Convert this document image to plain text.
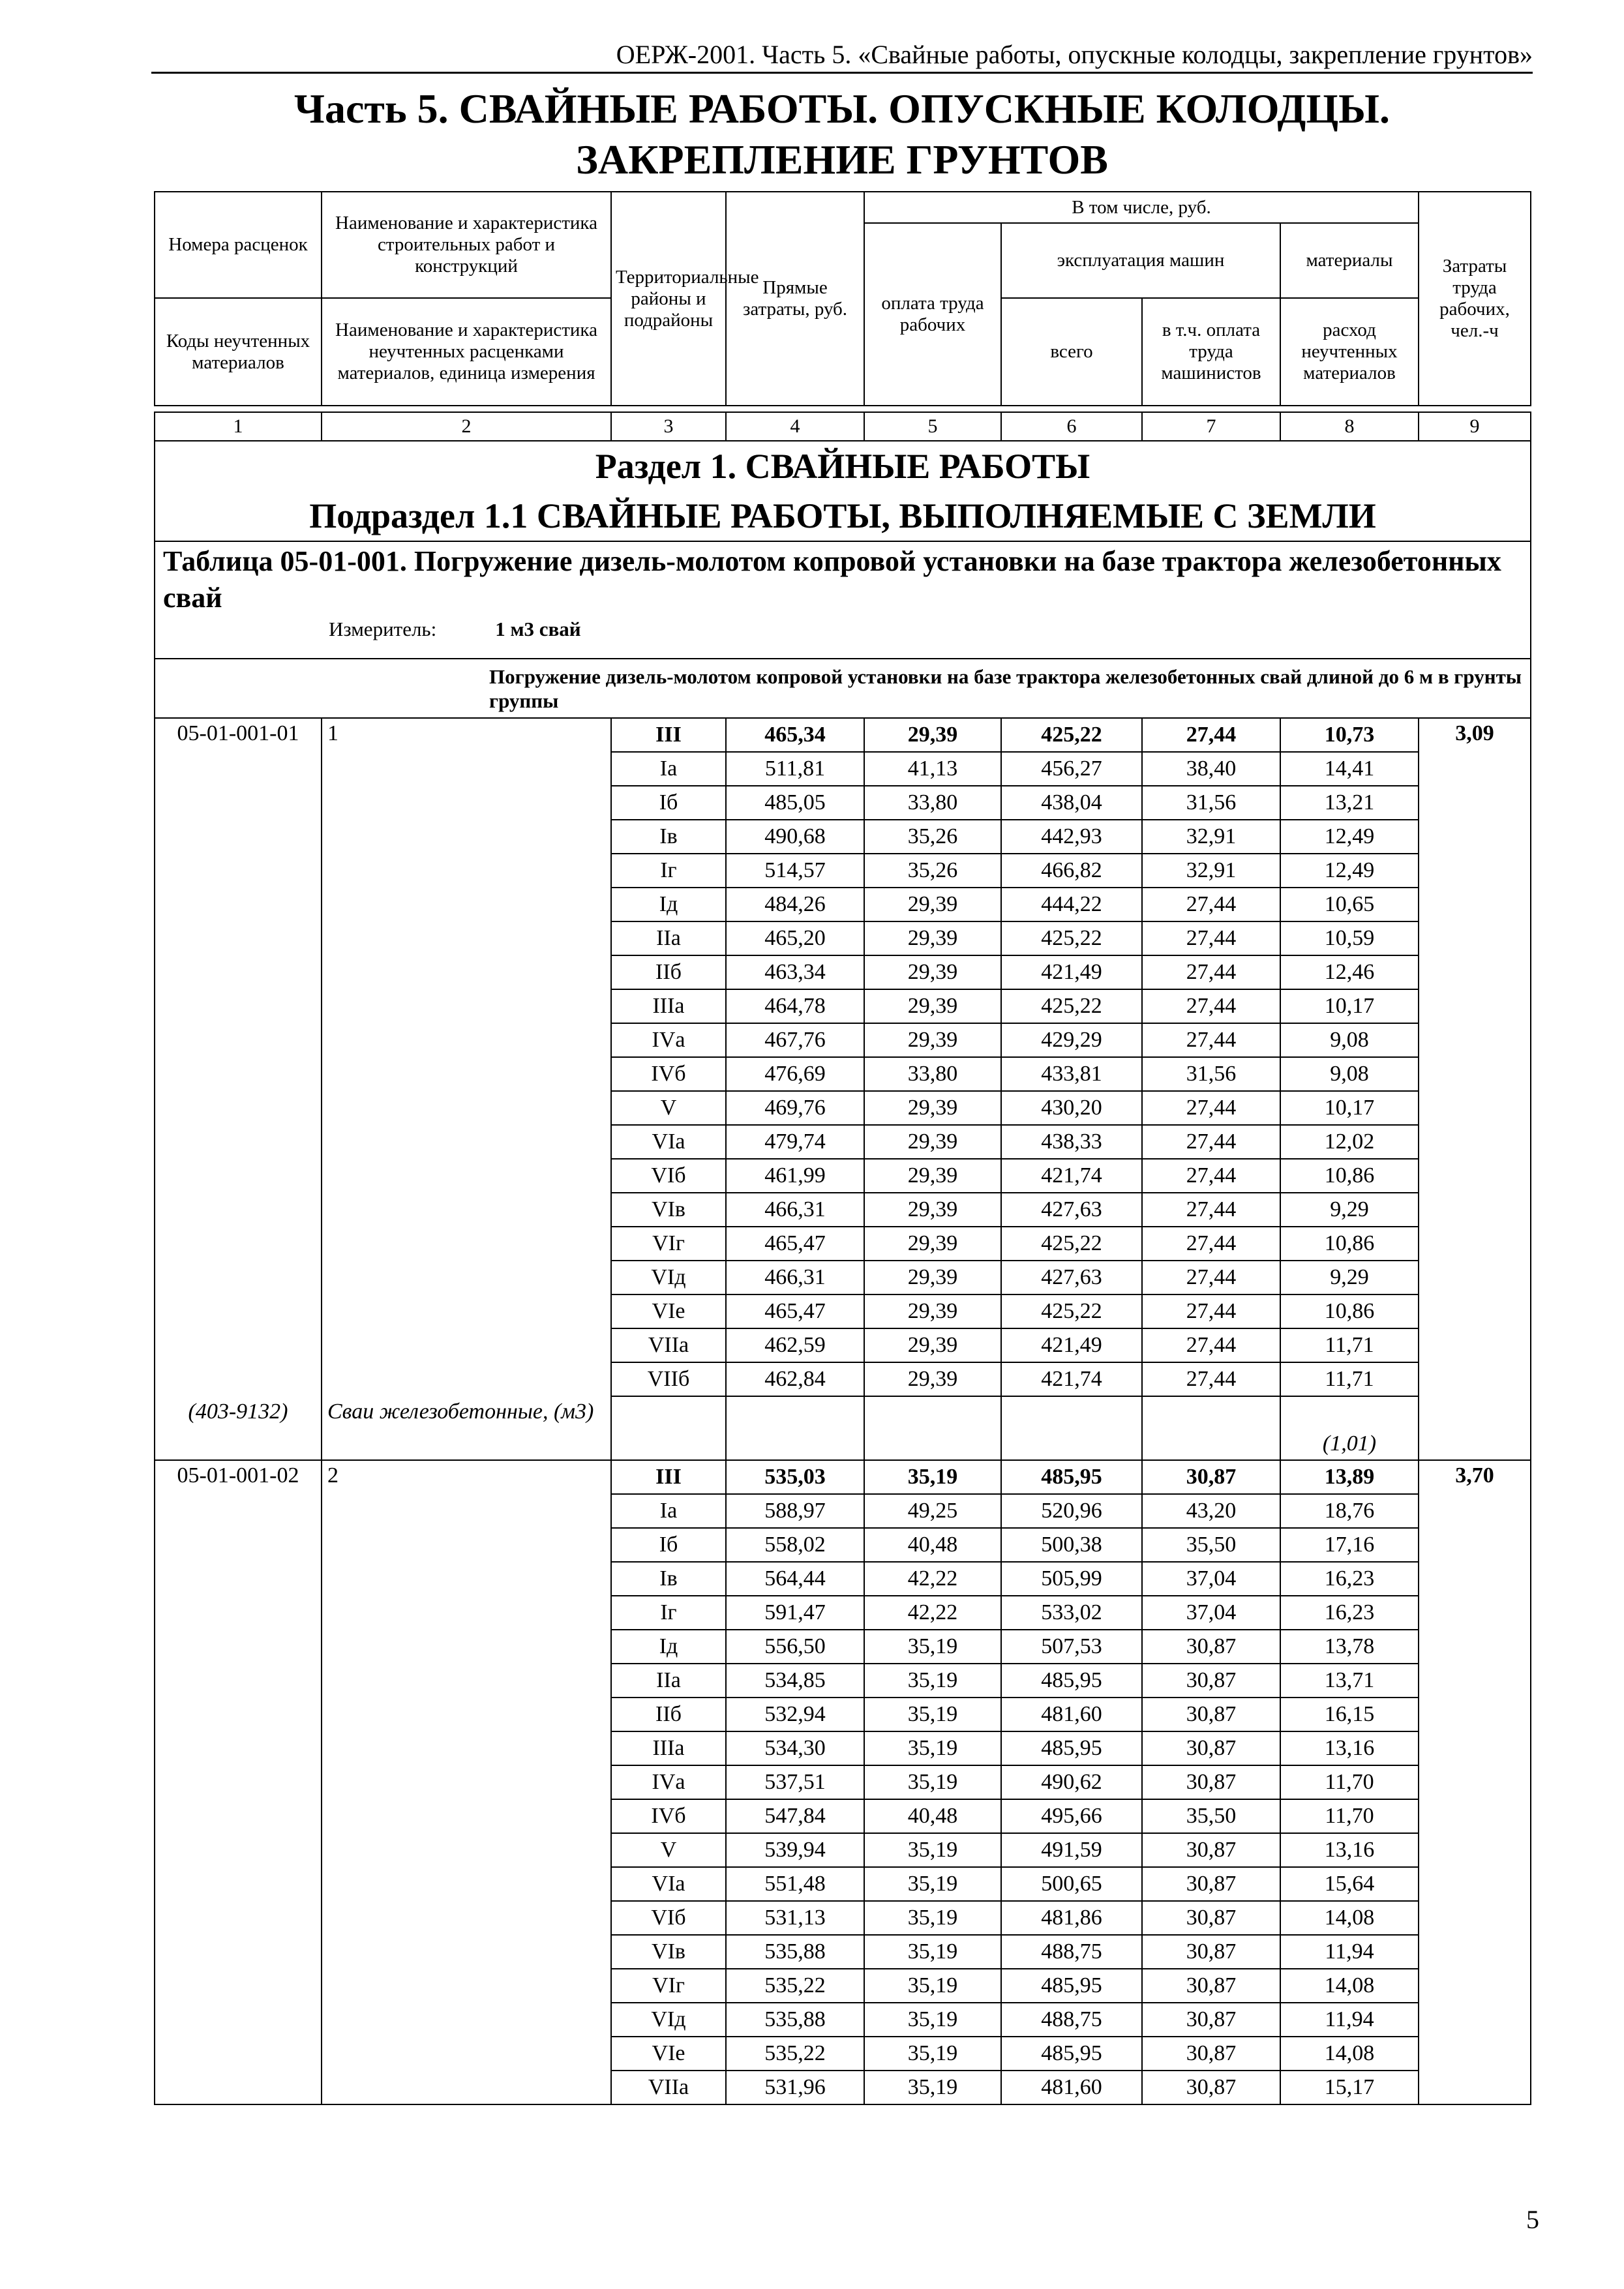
ОЕРЖ-2001. Часть 5. «Свайные работы, опускные колодцы, закрепление грунтов»
Часть 5. СВАЙНЫЕ РАБОТЫ. ОПУСКНЫЕ КОЛОДЦЫ.
ЗАКРЕПЛЕНИЕ ГРУНТОВ
Номера расценок	Наименование и характеристика строительных работ и конструкций	Территориальные районы и подрайоны	Прямые затраты, руб.	В том числе, руб.				Затраты труда рабочих, чел.-ч
				оплата труда рабочих	эксплуатация машин		материалы	
Коды неучтенных материалов	Наименование и характеристика неучтенных расценками материалов, единица измерения				всего	в т.ч. оплата труда машинистов	расход неучтенных материалов	

1	2	3	4	5	6	7	8	9

Раздел 1. СВАЙНЫЕ РАБОТЫ
Подраздел 1.1 СВАЙНЫЕ РАБОТЫ, ВЫПОЛНЯЕМЫЕ С ЗЕМЛИ								

Таблица 05-01-001. Погружение дизель-молотом копровой установки на базе трактора железобетонных свай
Измеритель: 1 м3 свай								

Погружение дизель-молотом копровой установки на базе трактора железобетонных свай длиной до 6 м в грунты группы								

05-01-001-01	1	III	465,34	29,39	425,22	27,44	10,73	3,09
		Iа	511,81	41,13	456,27	38,40	14,41	
		Iб	485,05	33,80	438,04	31,56	13,21	
		Iв	490,68	35,26	442,93	32,91	12,49	
		Iг	514,57	35,26	466,82	32,91	12,49	
		Iд	484,26	29,39	444,22	27,44	10,65	
		IIа	465,20	29,39	425,22	27,44	10,59	
		IIб	463,34	29,39	421,49	27,44	12,46	
		IIIа	464,78	29,39	425,22	27,44	10,17	
		IVа	467,76	29,39	429,29	27,44	9,08	
		IVб	476,69	33,80	433,81	31,56	9,08	
		V	469,76	29,39	430,20	27,44	10,17	
		VIа	479,74	29,39	438,33	27,44	12,02	
		VIб	461,99	29,39	421,74	27,44	10,86	
		VIв	466,31	29,39	427,63	27,44	9,29	
		VIг	465,47	29,39	425,22	27,44	10,86	
		VIд	466,31	29,39	427,63	27,44	9,29	
		VIе	465,47	29,39	425,22	27,44	10,86	
		VIIа	462,59	29,39	421,49	27,44	11,71	
		VIIб	462,84	29,39	421,74	27,44	11,71	
(403-9132)	Сваи железобетонные, (м3)						(1,01)	
05-01-001-02	2	III	535,03	35,19	485,95	30,87	13,89	3,70
		Iа	588,97	49,25	520,96	43,20	18,76	
		Iб	558,02	40,48	500,38	35,50	17,16	
		Iв	564,44	42,22	505,99	37,04	16,23	
		Iг	591,47	42,22	533,02	37,04	16,23	
		Iд	556,50	35,19	507,53	30,87	13,78	
		IIа	534,85	35,19	485,95	30,87	13,71	
		IIб	532,94	35,19	481,60	30,87	16,15	
		IIIа	534,30	35,19	485,95	30,87	13,16	
		IVа	537,51	35,19	490,62	30,87	11,70	
		IVб	547,84	40,48	495,66	35,50	11,70	
		V	539,94	35,19	491,59	30,87	13,16	
		VIа	551,48	35,19	500,65	30,87	15,64	
		VIб	531,13	35,19	481,86	30,87	14,08	
		VIв	535,88	35,19	488,75	30,87	11,94	
		VIг	535,22	35,19	485,95	30,87	14,08	
		VIд	535,88	35,19	488,75	30,87	11,94	
		VIе	535,22	35,19	485,95	30,87	14,08	
		VIIа	531,96	35,19	481,60	30,87	15,17	
5
